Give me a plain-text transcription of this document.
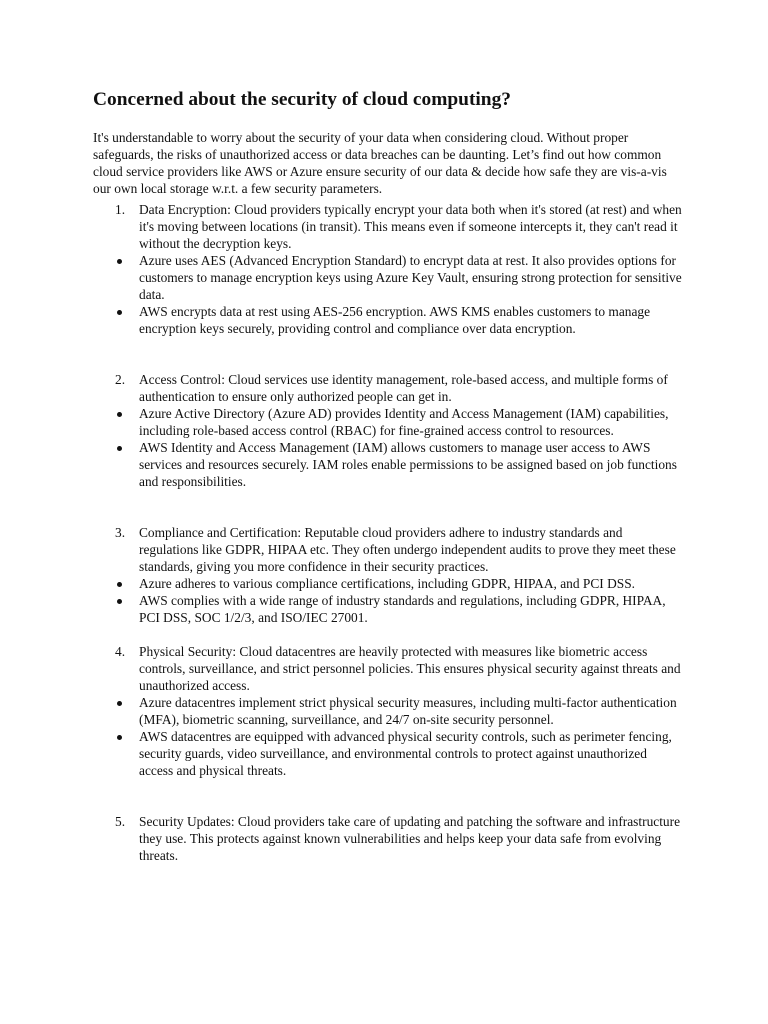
Concerned about the security of cloud computing?

It's understandable to worry about the security of your data when considering cloud. Without proper safeguards, the risks of unauthorized access or data breaches can be daunting. Let’s find out how common cloud service providers like AWS or Azure ensure security of our data & decide how safe they are vis-a-vis our own local storage w.r.t. a few security parameters.

1. Data Encryption: Cloud providers typically encrypt your data both when it's stored (at rest) and when it's moving between locations (in transit). This means even if someone intercepts it, they can't read it without the decryption keys.
Azure uses AES (Advanced Encryption Standard) to encrypt data at rest. It also provides options for customers to manage encryption keys using Azure Key Vault, ensuring strong protection for sensitive data.
AWS encrypts data at rest using AES-256 encryption. AWS KMS enables customers to manage encryption keys securely, providing control and compliance over data encryption.
2. Access Control: Cloud services use identity management, role-based access, and multiple forms of authentication to ensure only authorized people can get in.
Azure Active Directory (Azure AD) provides Identity and Access Management (IAM) capabilities, including role-based access control (RBAC) for fine-grained access control to resources.
AWS Identity and Access Management (IAM) allows customers to manage user access to AWS services and resources securely. IAM roles enable permissions to be assigned based on job functions and responsibilities.
3. Compliance and Certification: Reputable cloud providers adhere to industry standards and regulations like GDPR, HIPAA etc. They often undergo independent audits to prove they meet these standards, giving you more confidence in their security practices.
Azure adheres to various compliance certifications, including GDPR, HIPAA, and PCI DSS.
AWS complies with a wide range of industry standards and regulations, including GDPR, HIPAA, PCI DSS, SOC 1/2/3, and ISO/IEC 27001.
4. Physical Security: Cloud datacentres are heavily protected with measures like biometric access controls, surveillance, and strict personnel policies. This ensures physical security against threats and unauthorized access.
Azure datacentres implement strict physical security measures, including multi-factor authentication (MFA), biometric scanning, surveillance, and 24/7 on-site security personnel.
AWS datacentres are equipped with advanced physical security controls, such as perimeter fencing, security guards, video surveillance, and environmental controls to protect against unauthorized access and physical threats.
5. Security Updates: Cloud providers take care of updating and patching the software and infrastructure they use. This protects against known vulnerabilities and helps keep your data safe from evolving threats.
